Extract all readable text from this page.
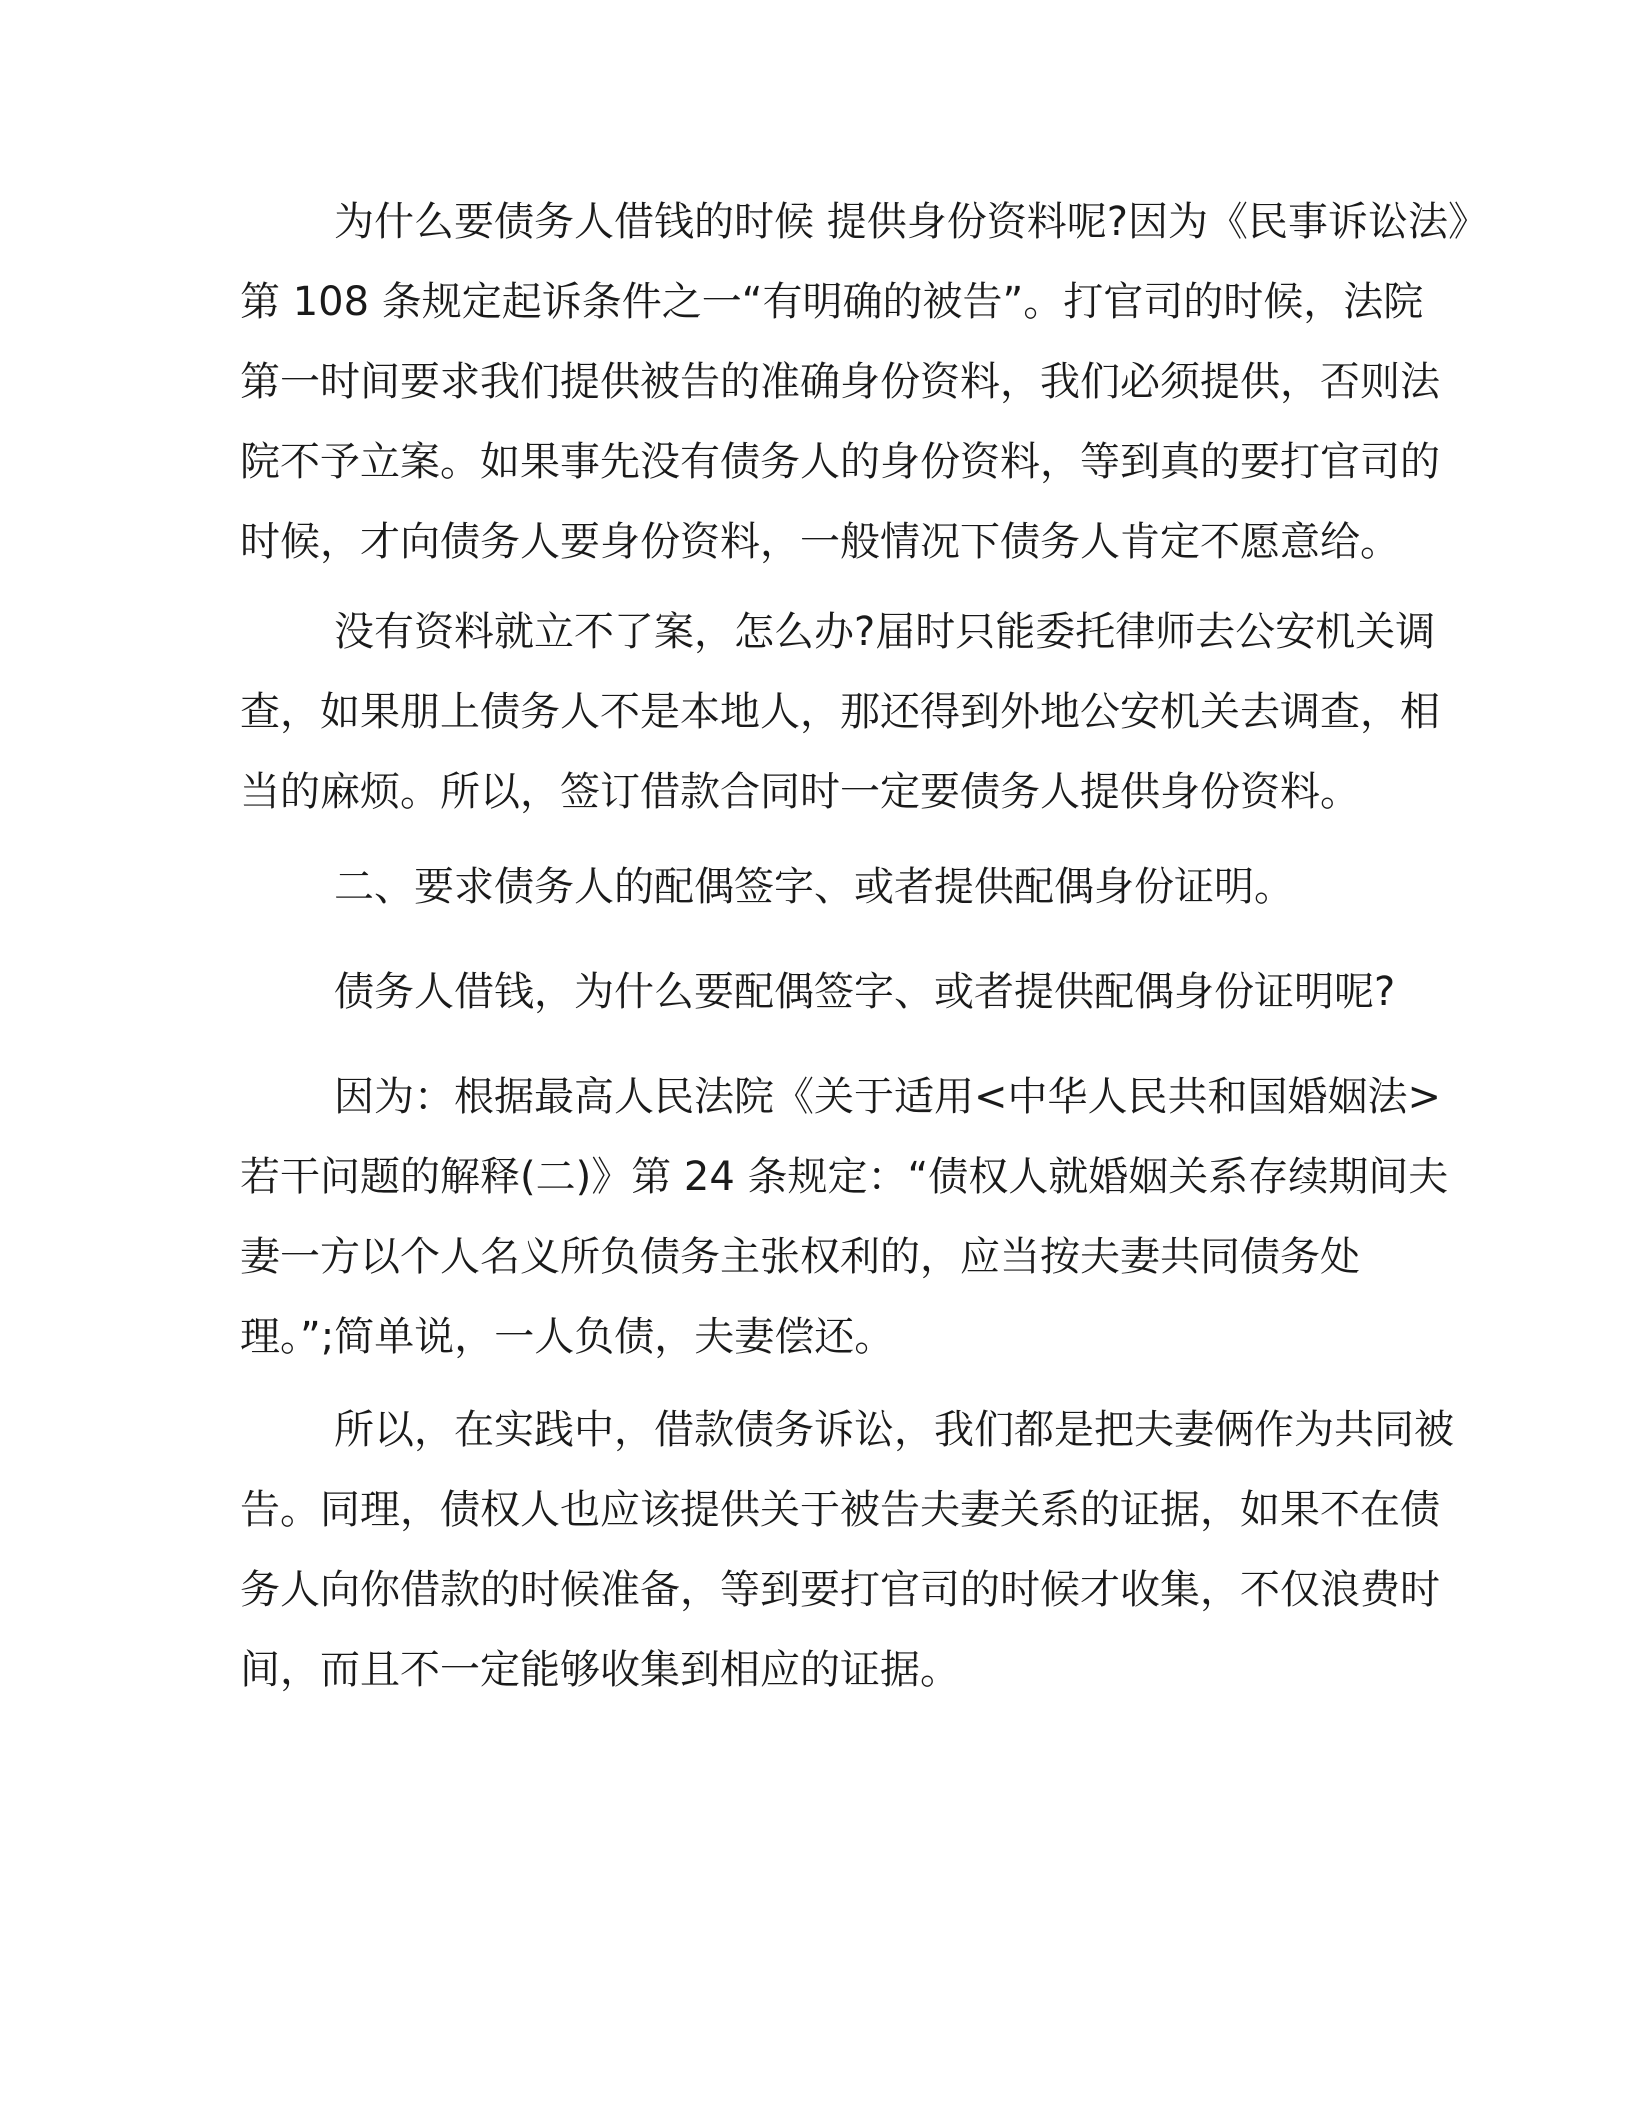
为什么要债务人借钱的时候 提供身份资料呢?因为《民事诉讼法》
第 108 条规定起诉条件之一“有明确的被告”。打官司的时候，法院
第一时间要求我们提供被告的准确身份资料，我们必须提供，否则法
院不予立案。如果事先没有债务人的身份资料，等到真的要打官司的
时候，才向债务人要身份资料，一般情况下债务人肯定不愿意给。
没有资料就立不了案，怎么办?届时只能委托律师去公安机关调
查，如果朋上债务人不是本地人，那还得到外地公安机关去调查，相
当的麻烦。所以，签订借款合同时一定要债务人提供身份资料。
二、要求债务人的配偶签字、或者提供配偶身份证明。
债务人借钱，为什么要配偶签字、或者提供配偶身份证明呢?
因为：根据最高人民法院《关于适用<中华人民共和国婚姻法>
若干问题的解释(二)》第 24 条规定：“债权人就婚姻关系存续期间夫
妻一方以个人名义所负债务主张权利的，应当按夫妻共同债务处
理。”;简单说，一人负债，夫妻偿还。
所以，在实践中，借款债务诉讼，我们都是把夫妻俩作为共同被
告。同理，债权人也应该提供关于被告夫妻关系的证据，如果不在债
务人向你借款的时候准备，等到要打官司的时候才收集，不仅浪费时
间，而且不一定能够收集到相应的证据。
